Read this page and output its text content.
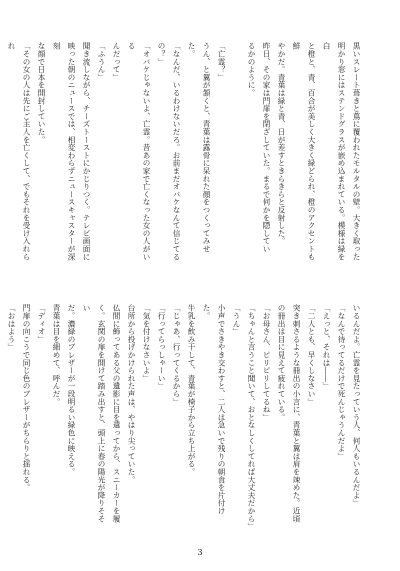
黒いスレート葺きと蔦に覆われたモルタルの壁。大きく取った
明かり窓にはステンドグラスが嵌め込まれている。模様は緑を白
と橙と、青、百合が美しく大きく緑どられ、橙のアクセントも鮮
やかだ。青葉は緑と青、日が差すときらきらと反射した。
昨日、その家は門扉を閉ざしていた。まるで何かを隠してい
るかのように。

「亡霊？」
うん、と翼が頷くと、青葉は露骨に呆れた顔をつくってみせた。
「なんだ、いるわけないだろ。お前まだオバケなんて信じてる
の？」
「オバケじゃないよ、亡霊。昔あの家で亡くなった女の人がいる
んだって」
「ふうん」
聞き流しながら、チーズトーストにかじりつく。テレビ画面に
映った朝のニュースでは、相変わらずニュースキャスターが深刻
な顔で日本を開封していた。
「その女の人は先にご主人を亡くして、でもそれを受け入れられ
いるんだよ。亡霊を見たっていう人、何人もいるんだよ」
「なんで待ってるだけで死んじゃうんだよ」
「えっと、それは――」
「二人とも、早くしなさい」
突き刺さるような冊出の小言に、青葉と翼は肩を竦めた。近頃
の冊出は目に見えて疲れている。
「お母さん、ピリピリしてるね」
「ちゃんと言うこと聞いて、おとなしくしてれば大丈夫だから」
「うん」
小声でさきやき交わすと、二人は急いで残りの朝食を片付けた。
牛乳を飲み干して、青葉が椅子から立ち上がる。
「じゃあ、行ってくるから」
「行ってらっしゃーい」
「気を付けなさいよ」
台所から投げかけられた声は、やはり尖っていた。
仏間に飾ってある父の遺影に目を遣ってから、スニーカーを履
く。玄関の扉を開けて踏み出すと、頭上に春の陽光が降りそそい
だ。濃緑のブレザーが一段明るい緑色に映える。
青葉は目を細めて、呼んだ。
「ディオ」
門扉の向こうで同じ色のブレザーがちらりと揺れる。
「おはよう」
3
